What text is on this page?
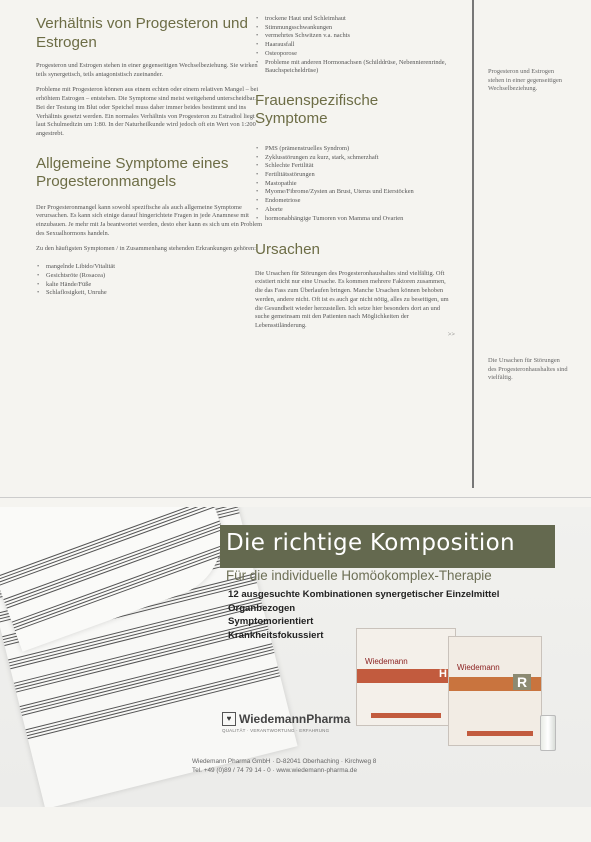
Verhältnis von Progesteron und Estrogen

Progesteron und Estrogen stehen in einer gegenseitigen Wechselbeziehung. Sie wirken teils synergetisch, teils antagonistisch zueinander.

Probleme mit Progesteron können aus einem echten oder einem relativen Mangel – bei erhöhtem Estrogen – entstehen. Die Symptome sind meist weitgehend unterscheidbar.

Bei der Testung im Blut oder Speichel muss daher immer beides bestimmt und ins Verhältnis gesetzt werden. Ein normales Verhältnis von Progesteron zu Estradiol liegt laut Schulmedizin um 1:80. In der Naturheilkunde wird jedoch oft ein Wert von 1:200 angestrebt.

Allgemeine Symptome eines Progesteronmangels

Der Progesteronmangel kann sowohl spezifische als auch allgemeine Symptome verursachen. Es kann sich einige darauf hingerichtete Fragen in jede Anamnese mit einzubauen. Je mehr mit Ja beantwortet werden, desto eher kann es sich um ein Problem des Sexualhormons handeln.

Zu den häufigsten Symptomen / in Zusammenhang stehenden Erkrankungen gehören:

• mangelnde Libido/Vitalität
• Gesichtsröte (Rosacea)
• kalte Hände/Füße
• Schlaflosigkeit, Unruhe
• trockene Haut und Schleimhaut
• Stimmungsschwankungen
• vermehrtes Schwitzen v.a. nachts
• Haarausfall
• Osteoporose
• Probleme mit anderen Hormonachsen (Schilddrüse, Nebennierenrinde, Bauchspeicheldrüse)
Frauenspezifische Symptome
• PMS (prämenstruelles Syndrom)
• Zyklusstörungen zu kurz, stark, schmerzhaft
• Schlechte Fertilität
• Fertilitätsstörungen
• Mastopathie
• Myome/Fibrome/Zysten an Brust, Uterus und Eierstöcken
• Endometriose
• Aborte
• hormonabhängige Tumoren von Mamma und Ovarien
Ursachen

Die Ursachen für Störungen des Progesteronhaushaltes sind vielfältig. Oft existiert nicht nur eine Ursache. Es kommen mehrere Faktoren zusammen, die das Fass zum Überlaufen bringen. Manche Ursachen können behoben werden, andere nicht. Oft ist es auch gar nicht nötig, alles zu beseitigen, um die Gesundheit wieder herzustellen. Ich setze hier besonders dort an und suche gemeinsam mit den Patienten nach Möglichkeiten der Lebensstiländerung.

>>
Progesteron und Estrogen stehen in einer gegenseitigen Wechselbeziehung.
Die Ursachen für Störungen des Progesteronhaushaltes sind vielfältig.
Die richtige Komposition
Für die individuelle Homöokomplex-Therapie
12 ausgesuchte Kombinationen synergetischer Einzelmittel
Organbezogen
Symptomorientiert
Krankheitsfokussiert
Wiedemann
H
Wiedemann
R
♥ WiedemannPharma
QUALITÄT · VERANTWORTUNG · ERFAHRUNG
Wiedemann Pharma GmbH · D-82041 Oberhaching · Kirchweg 8
Tel. +49 (0)89 / 74 79 14 - 0 · www.wiedemann-pharma.de
